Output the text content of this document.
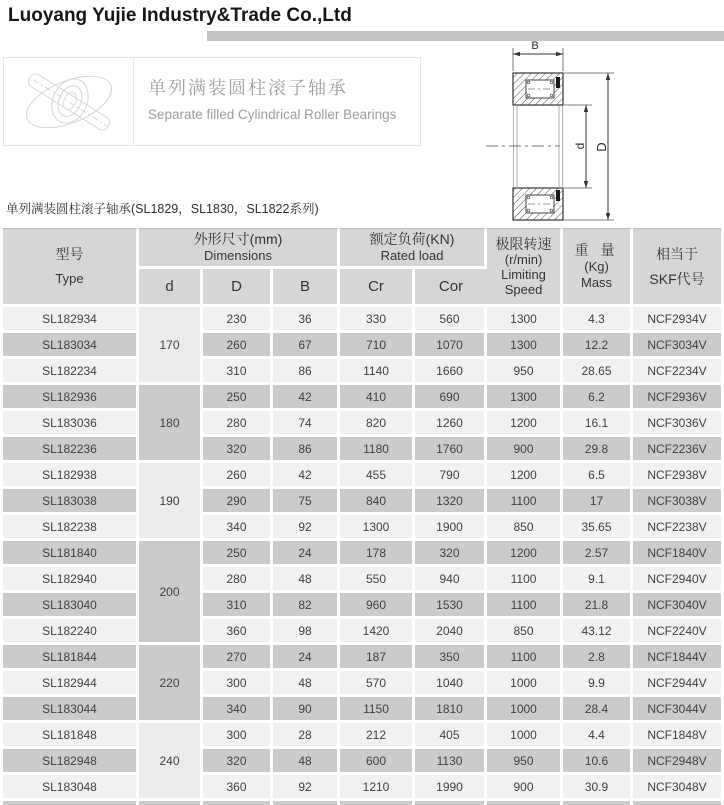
Luoyang Yujie Industry&Trade Co.,Ltd
单列满装圆柱滚子轴承
Separate filled Cylindrical Roller Bearings
B
d D
单列满装圆柱滚子轴承(SL1829，SL1830，SL1822系列)
型号
Type

外形尺寸(mm)
Dimensions

额定负荷(KN)
Rated load

极限转速
(r/min)
Limiting
Speed

重 量
(Kg)
Mass

相当于
SKF代号

	d	D	B	Cr	Cor			
SL182934	170	230	36	330	560	1300	4.3	NCF2934V
SL183034		260	67	710	1070	1300	12.2	NCF3034V
SL182234		310	86	1140	1660	950	28.65	NCF2234V
SL182936	180	250	42	410	690	1300	6.2	NCF2936V
SL183036		280	74	820	1260	1200	16.1	NCF3036V
SL182236		320	86	1180	1760	900	29.8	NCF2236V
SL182938	190	260	42	455	790	1200	6.5	NCF2938V
SL183038		290	75	840	1320	1100	17	NCF3038V
SL182238		340	92	1300	1900	850	35.65	NCF2238V
SL181840	200	250	24	178	320	1200	2.57	NCF1840V
SL182940		280	48	550	940	1100	9.1	NCF2940V
SL183040		310	82	960	1530	1100	21.8	NCF3040V
SL182240		360	98	1420	2040	850	43.12	NCF2240V
SL181844	220	270	24	187	350	1100	2.8	NCF1844V
SL182944		300	48	570	1040	1000	9.9	NCF2944V
SL183044		340	90	1150	1810	1000	28.4	NCF3044V
SL181848	240	300	28	212	405	1000	4.4	NCF1848V
SL182948		320	48	600	1130	950	10.6	NCF2948V
SL183048		360	92	1210	1990	900	30.9	NCF3048V
